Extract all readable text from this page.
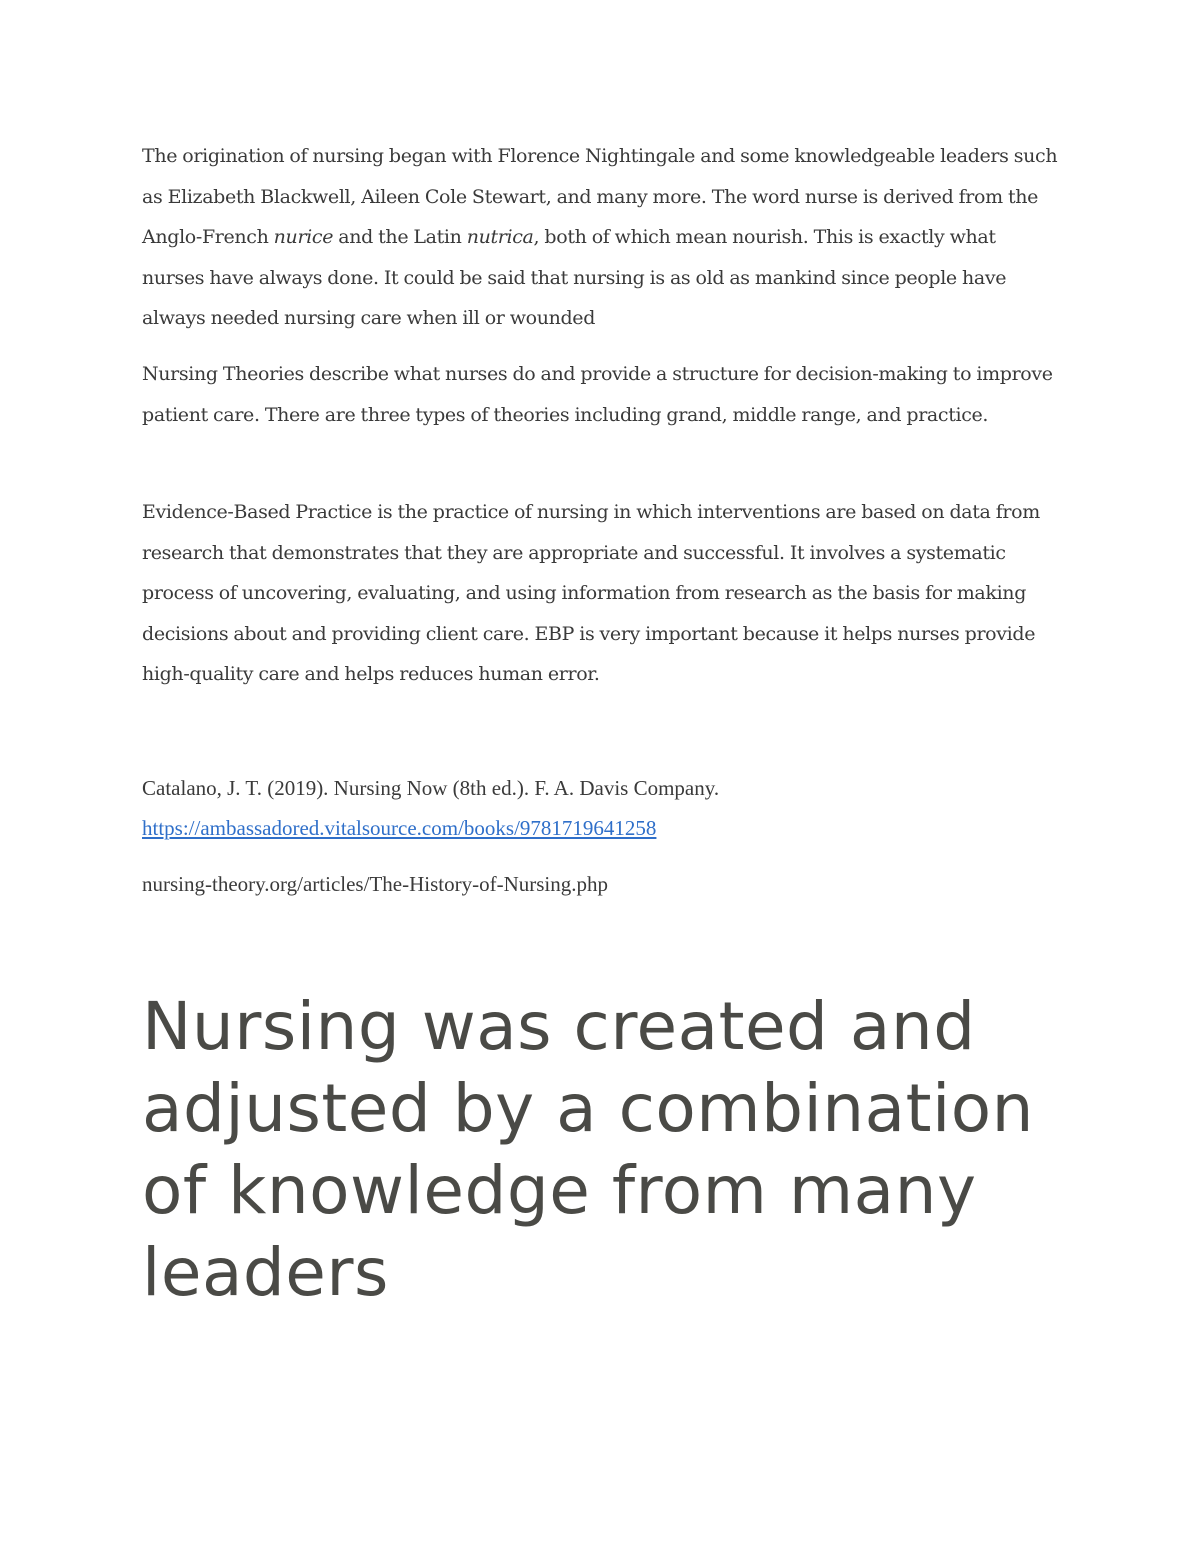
The origination of nursing began with Florence Nightingale and some knowledgeable leaders such as Elizabeth Blackwell, Aileen Cole Stewart, and many more. The word nurse is derived from the Anglo-French nurice and the Latin nutrica, both of which mean nourish. This is exactly what nurses have always done. It could be said that nursing is as old as mankind since people have always needed nursing care when ill or wounded

Nursing Theories describe what nurses do and provide a structure for decision-making to improve patient care. There are three types of theories including grand, middle range, and practice.

Evidence-Based Practice is the practice of nursing in which interventions are based on data from research that demonstrates that they are appropriate and successful. It involves a systematic process of uncovering, evaluating, and using information from research as the basis for making decisions about and providing client care. EBP is very important because it helps nurses provide high-quality care and helps reduces human error.

Catalano, J. T. (2019). Nursing Now (8th ed.). F. A. Davis Company.

https://ambassadored.vitalsource.com/books/9781719641258

nursing-theory.org/articles/The-History-of-Nursing.php

Nursing was created and adjusted by a combination of knowledge from many leaders
